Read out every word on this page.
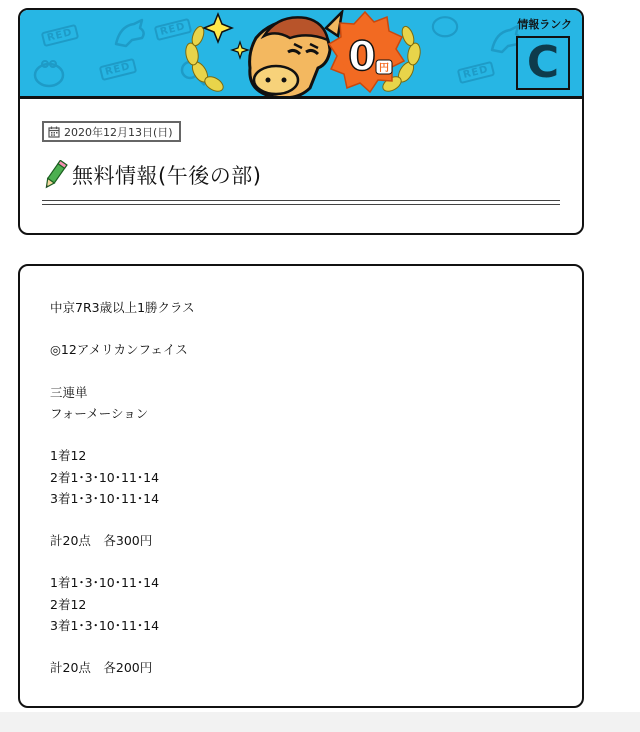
RED
RED
RED
RED
0 円
情報ランク
C
2020年12月13日(日)
無料情報(午後の部)
中京7R3歳以上1勝クラス
◎12アメリカンフェイス
三連単
フォーメーション
1着12
2着1･3･10･11･14
3着1･3･10･11･14
計20点　各300円
1着1･3･10･11･14
2着12
3着1･3･10･11･14
計20点　各200円
